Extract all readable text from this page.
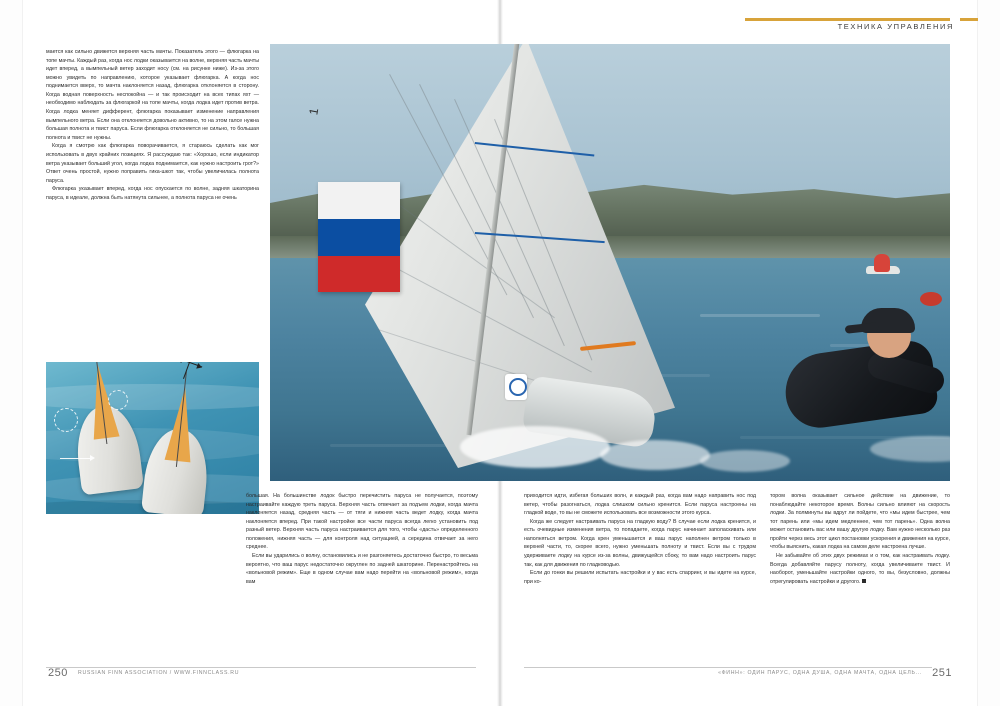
ТЕХНИКА УПРАВЛЕНИЯ
1

мается как сильно движется верхняя часть мачты. Показатель этого — флюгарка на топе мачты. Каждый раз, когда нос лодки оказывается на волне, верхняя часть мачты идет вперед, а вымпельный ветер заходит носу (см. на рисунке ниже). Из-за этого можно увидеть по направлению, которое указывает флюгарка. А когда нос поднимается вверх, то мачта наклоняется назад, флюгарка отклоняется в сторону. Когда водная поверхность неспокойна — и так происходит на всех типах яхт — необходимо наблюдать за флюгаркой на топе мачты, когда лодка идет против ветра. Когда лодка меняет дифферент, флюгарка показывает изменение направления вымпельного ветра. Если она отклоняется довольно активно, то на этом галсе нужна большая полнота и твист паруса. Если флюгарка отклоняется не сильно, то большая полнота и твист не нужны.

Когда я смотрю как флюгарка поворачивается, я стараюсь сделать как мог использовать в двух крайних позициях. Я рассуждаю так: «Хорошо, если индикатор ветра указывает больший угол, когда лодка поднимается, как нужно настроить грот?» Ответ очень простой, нужно поправить гика-шкот так, чтобы увеличилась полнота паруса.

Флюгарка указывает вперед, когда нос опускается по волне, задняя шкаторина паруса, в идеале, должна быть натянута сильнее, а полнота паруса не очень

большая. На большинстве лодок быстро перечистить паруса не получается, поэтому настраивайте каждую треть паруса. Верхняя часть отвечает за подъем лодки, когда мачта наклоняется назад, средняя часть — от тяги и нижняя часть ведет лодку, когда мачта наклоняется вперед. При такой настройке все части паруса всегда легко установить под разный ветер. Верхняя часть паруса настраивается для того, чтобы «дасть» определенного положения, нижняя часть — для контроля над ситуацией, а середина отвечает за него среднее.

Если вы ударились о волну, остановились и не разгоняетесь достаточно быстро, то весьма вероятно, что ваш парус недостаточно округлен по задней шкаторине. Перенастройтесь на «вольновой режим». Еще в одном случае вам надо перейти на «вольновой режим», когда вам

приходится идти, избегая больших волн, и каждый раз, когда вам надо направить нос под ветер, чтобы разогнаться, лодка слишком сильно кренится. Если паруса настроены на гладкой воде, то вы не сможете использовать все возможности этого курса.

Когда же следует настраивать паруса на гладкую воду? В случае если лодка кренится, и есть очевидные изменения ветра, то попадаете, когда парус начинает заполаскивать или наполняться ветром. Когда крен уменьшается и ваш парус наполнен ветром только в верхней части, то, скорее всего, нужно уменьшать полноту и твист. Если вы с трудом удерживаете лодку на курсе из-за волны, движущейся сбоку, то вам надо настроить парус так, как для движения по гладководью.

Если до гонки вы решили испытать настройки и у вас есть спарринг, и вы идете на курсе, при ко-

тором волна оказывает сильное действие на движение, то понаблюдайте некоторое время. Волны сильно влияют на скорость лодки. За полминуты вы вдруг ли пойдете, что «мы идем быстрее, чем тот парень или «мы идем медленнее, чем тот парень». Одна волна может остановить вас или вашу другую лодку. Вам нужно несколько раз пройти через весь этот цикл постановки ускорения и движения на курсе, чтобы выяснить, какая лодка на самом деле настроена лучше.

Не забывайте об этих двух режимах и о том, как настраивать лодку. Всегда добавляйте парусу полноту, когда увеличиваете твист. И наоборот, уменьшайте настройки одного, то вы, безусловно, должны отрегулировать настройки и другого.

250	251
RUSSIAN FINN ASSOCIATION / WWW.FINNCLASS.RU	«ФИНН»: ОДИН ПАРУС, ОДНА ДУША, ОДНА МАЧТА, ОДНА ЦЕЛЬ...
